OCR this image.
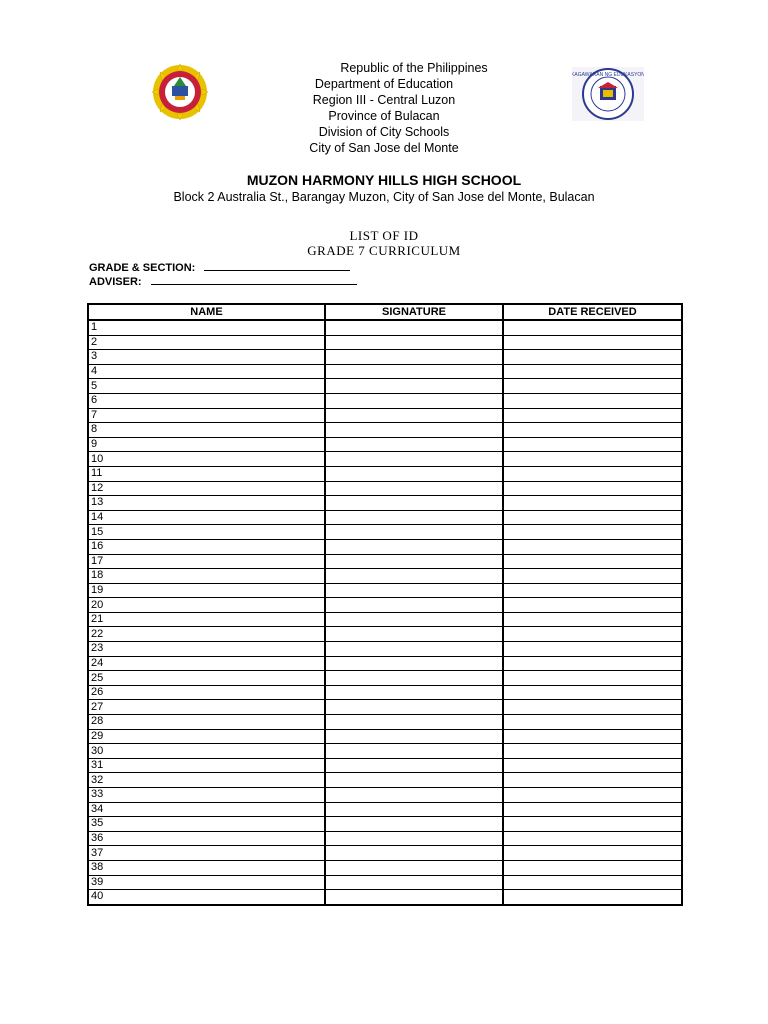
KAGAWARAN NG EDUKASYON
Republic of the Philippines
Department of Education
Region III - Central Luzon
Province of Bulacan
Division of City Schools
City of San Jose del Monte
MUZON HARMONY HILLS HIGH SCHOOL
Block 2 Australia St., Barangay Muzon, City of San Jose del Monte, Bulacan
LIST OF ID
GRADE 7 CURRICULUM
GRADE & SECTION:
ADVISER:
NAME	SIGNATURE	DATE RECEIVED
1		
2		
3		
4		
5		
6		
7		
8		
9		
10		
11		
12		
13		
14		
15		
16		
17		
18		
19		
20		
21		
22		
23		
24		
25		
26		
27		
28		
29		
30		
31		
32		
33		
34		
35		
36		
37		
38		
39		
40		
